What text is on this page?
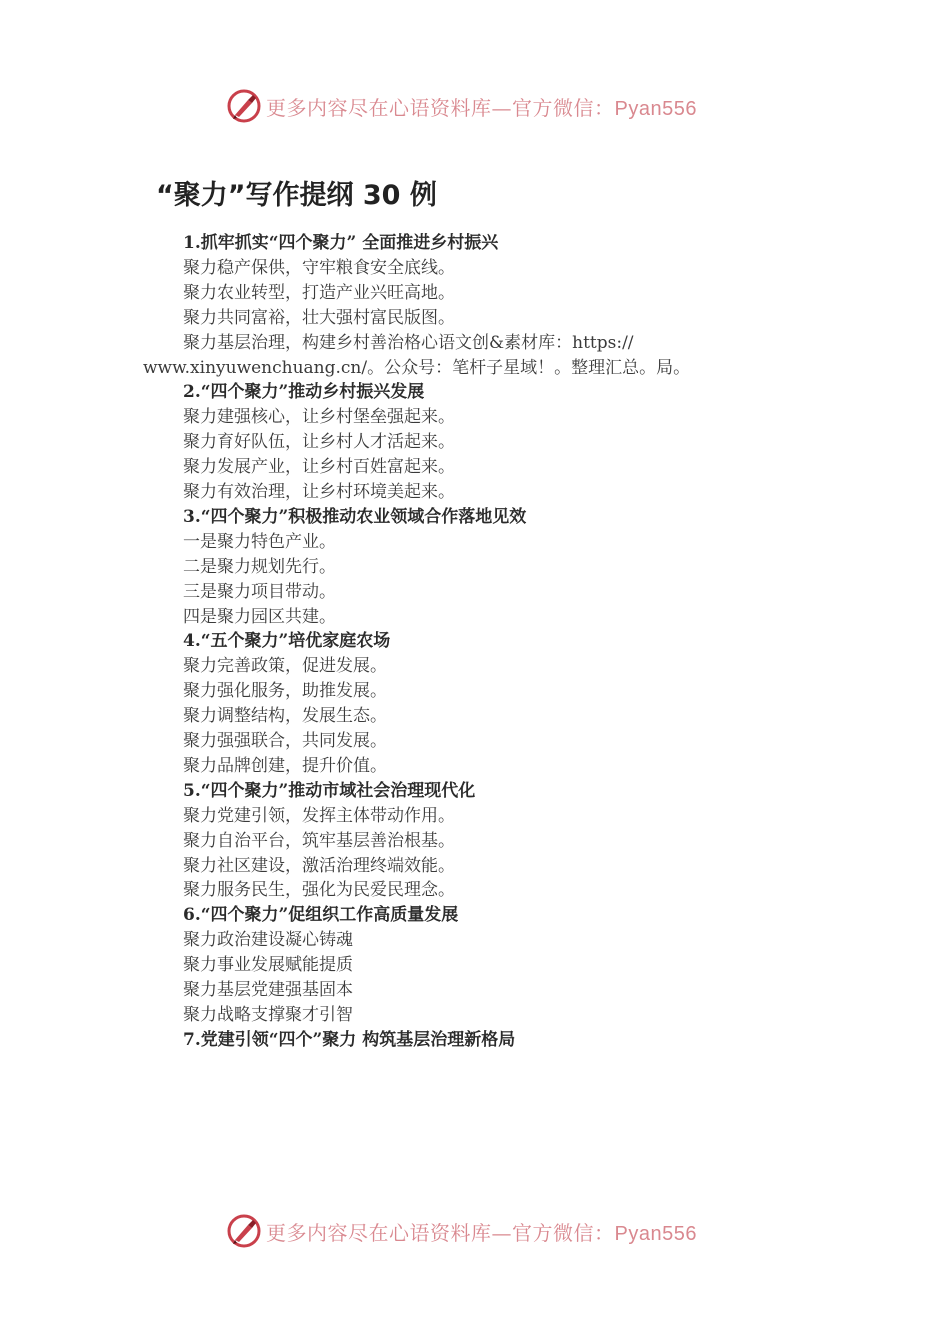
更多内容尽在心语资料库—官方微信：Pyan556
“聚力”写作提纲 30 例
1.抓牢抓实“四个聚力” 全面推进乡村振兴
聚力稳产保供，守牢粮食安全底线。
聚力农业转型，打造产业兴旺高地。
聚力共同富裕，壮大强村富民版图。
聚力基层治理，构建乡村善治格心语文创&素材库：https://
www.xinyuwenchuang.cn/。公众号：笔杆子星域！。整理汇总。局。
2.“四个聚力”推动乡村振兴发展
聚力建强核心，让乡村堡垒强起来。
聚力育好队伍，让乡村人才活起来。
聚力发展产业，让乡村百姓富起来。
聚力有效治理，让乡村环境美起来。
3.“四个聚力”积极推动农业领域合作落地见效
一是聚力特色产业。
二是聚力规划先行。
三是聚力项目带动。
四是聚力园区共建。
4.“五个聚力”培优家庭农场
聚力完善政策，促进发展。
聚力强化服务，助推发展。
聚力调整结构，发展生态。
聚力强强联合，共同发展。
聚力品牌创建，提升价值。
5.“四个聚力”推动市域社会治理现代化
聚力党建引领，发挥主体带动作用。
聚力自治平台，筑牢基层善治根基。
聚力社区建设，激活治理终端效能。
聚力服务民生，强化为民爱民理念。
6.“四个聚力”促组织工作高质量发展
聚力政治建设凝心铸魂
聚力事业发展赋能提质
聚力基层党建强基固本
聚力战略支撑聚才引智
7.党建引领“四个”聚力 构筑基层治理新格局
更多内容尽在心语资料库—官方微信：Pyan556
